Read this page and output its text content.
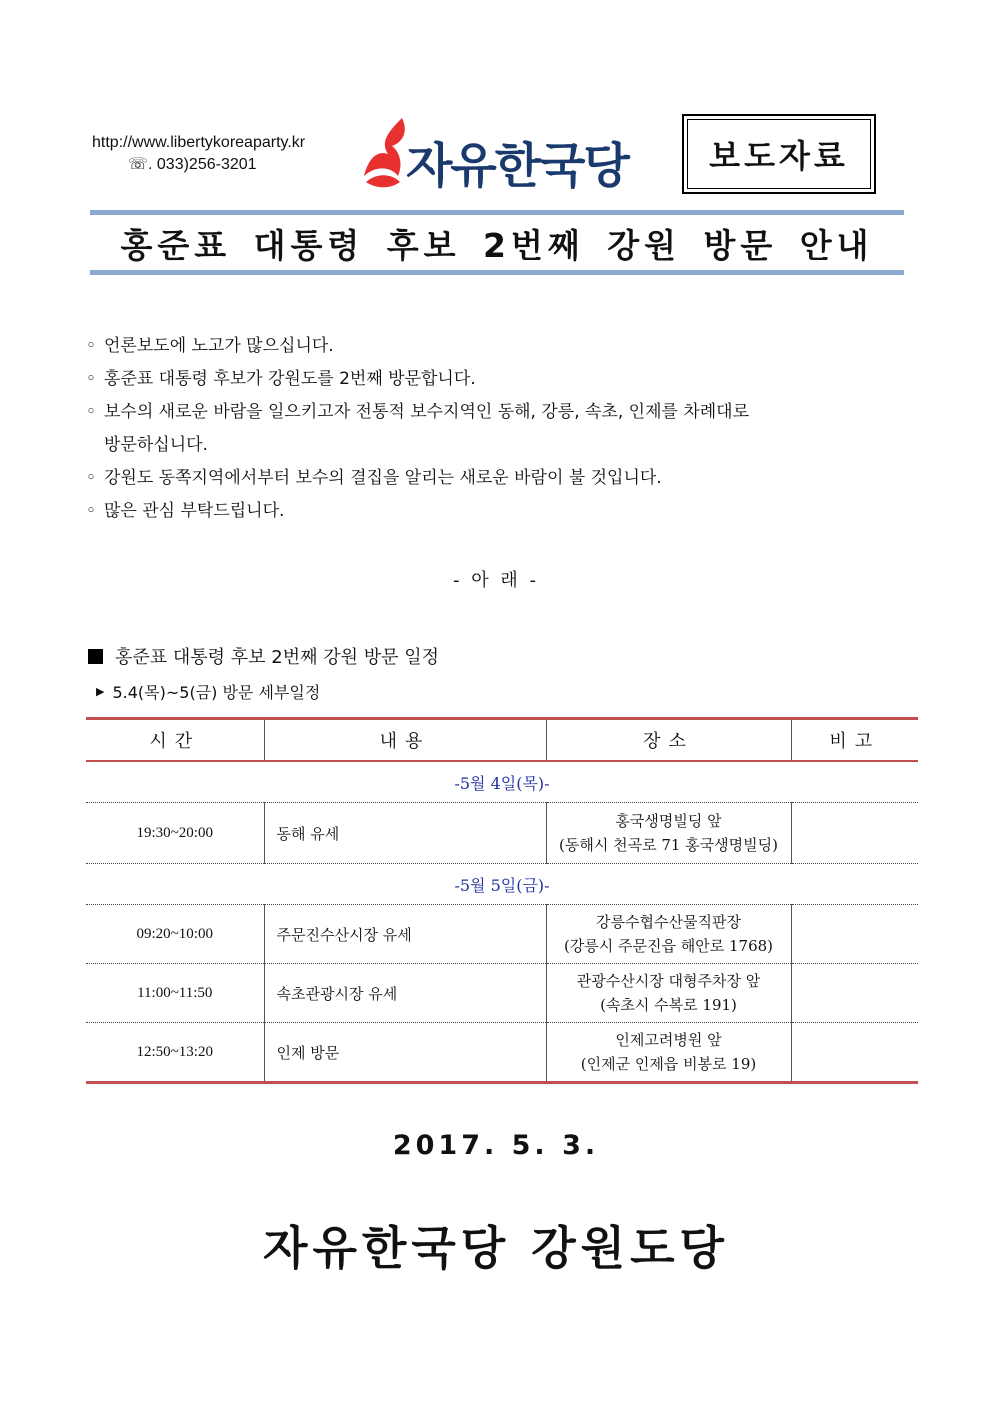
http://www.libertykoreaparty.kr
☏. 033)256-3201	자유한국당	보도자료
홍준표 대통령 후보 2번째 강원 방문 안내
◦ 언론보도에 노고가 많으십니다.
◦ 홍준표 대통령 후보가 강원도를 2번째 방문합니다.
◦ 보수의 새로운 바람을 일으키고자 전통적 보수지역인 동해, 강릉, 속초, 인제를 차례대로
방문하십니다.
◦ 강원도 동쪽지역에서부터 보수의 결집을 알리는 새로운 바람이 불 것입니다.
◦ 많은 관심 부탁드립니다.
- 아 래 -
홍준표 대통령 후보 2번째 강원 방문 일정
▶ 5.4(목)~5(금) 방문 세부일정
시간	내용	장소	비고
-5월 4일(목)-			
19:30~20:00	동해 유세	홍국생명빌딩 앞
(동해시 천곡로 71 홍국생명빌딩)	

-5월 5일(금)-			
09:20~10:00	주문진수산시장 유세	강릉수협수산물직판장
(강릉시 주문진읍 해안로 1768)	

11:00~11:50	속초관광시장 유세	관광수산시장 대형주차장 앞
(속초시 수복로 191)	

12:50~13:20	인제 방문	인제고려병원 앞
(인제군 인제읍 비봉로 19)	

2017. 5. 3.
자유한국당 강원도당
